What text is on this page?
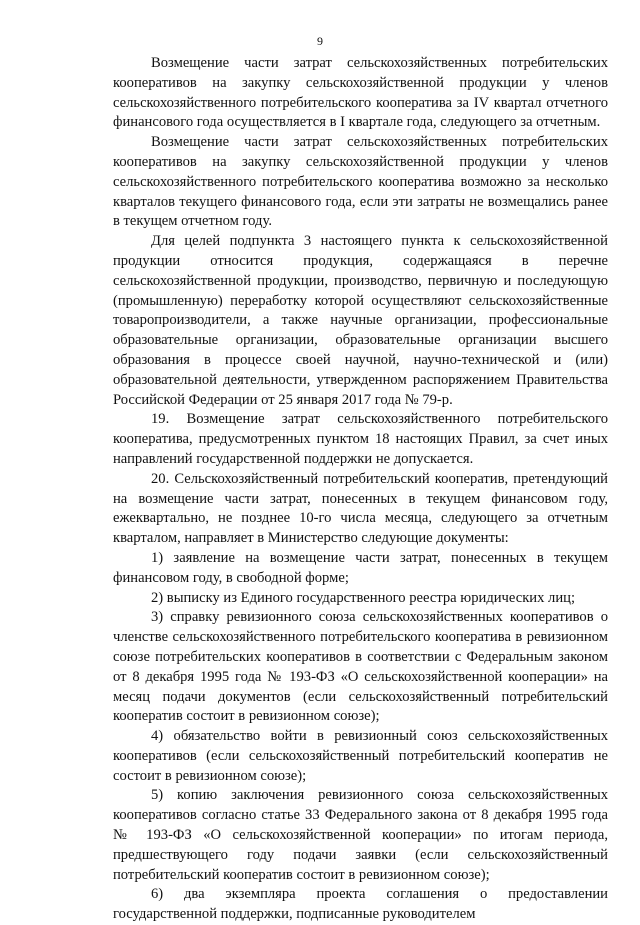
9

Возмещение части затрат сельскохозяйственных потребительских кооперативов на закупку сельскохозяйственной продукции у членов сельскохозяйственного потребительского кооператива за IV квартал отчетного финансового года осуществляется в I квартале года, следующего за отчетным.

Возмещение части затрат сельскохозяйственных потребительских кооперативов на закупку сельскохозяйственной продукции у членов сельскохозяйственного потребительского кооператива возможно за несколько кварталов текущего финансового года, если эти затраты не возмещались ранее в текущем отчетном году.

Для целей подпункта 3 настоящего пункта к сельскохозяйственной продукции относится продукция, содержащаяся в перечне сельскохозяйственной продукции, производство, первичную и последующую (промышленную) переработку которой осуществляют сельскохозяйственные товаропроизводители, а также научные организации, профессиональные образовательные организации, образовательные организации высшего образования в процессе своей научной, научно-технической и (или) образовательной деятельности, утвержденном распоряжением Правительства Российской Федерации от 25 января 2017 года № 79-р.

19. Возмещение затрат сельскохозяйственного потребительского кооператива, предусмотренных пунктом 18 настоящих Правил, за счет иных направлений государственной поддержки не допускается.

20. Сельскохозяйственный потребительский кооператив, претендующий на возмещение части затрат, понесенных в текущем финансовом году, ежеквартально, не позднее 10-го числа месяца, следующего за отчетным кварталом, направляет в Министерство следующие документы:

1) заявление на возмещение части затрат, понесенных в текущем финансовом году, в свободной форме;

2) выписку из Единого государственного реестра юридических лиц;

3) справку ревизионного союза сельскохозяйственных кооперативов о членстве сельскохозяйственного потребительского кооператива в ревизионном союзе потребительских кооперативов в соответствии с Федеральным законом от 8 декабря 1995 года № 193-ФЗ «О сельскохозяйственной кооперации» на месяц подачи документов (если сельскохозяйственный потребительский кооператив состоит в ревизионном союзе);

4) обязательство войти в ревизионный союз сельскохозяйственных кооперативов (если сельскохозяйственный потребительский кооператив не состоит в ревизионном союзе);

5) копию заключения ревизионного союза сельскохозяйственных кооперативов согласно статье 33 Федерального закона от 8 декабря 1995 года № 193-ФЗ «О сельскохозяйственной кооперации» по итогам периода, предшествующего году подачи заявки (если сельскохозяйственный потребительский кооператив состоит в ревизионном союзе);

6) два экземпляра проекта соглашения о предоставлении государственной поддержки, подписанные руководителем
